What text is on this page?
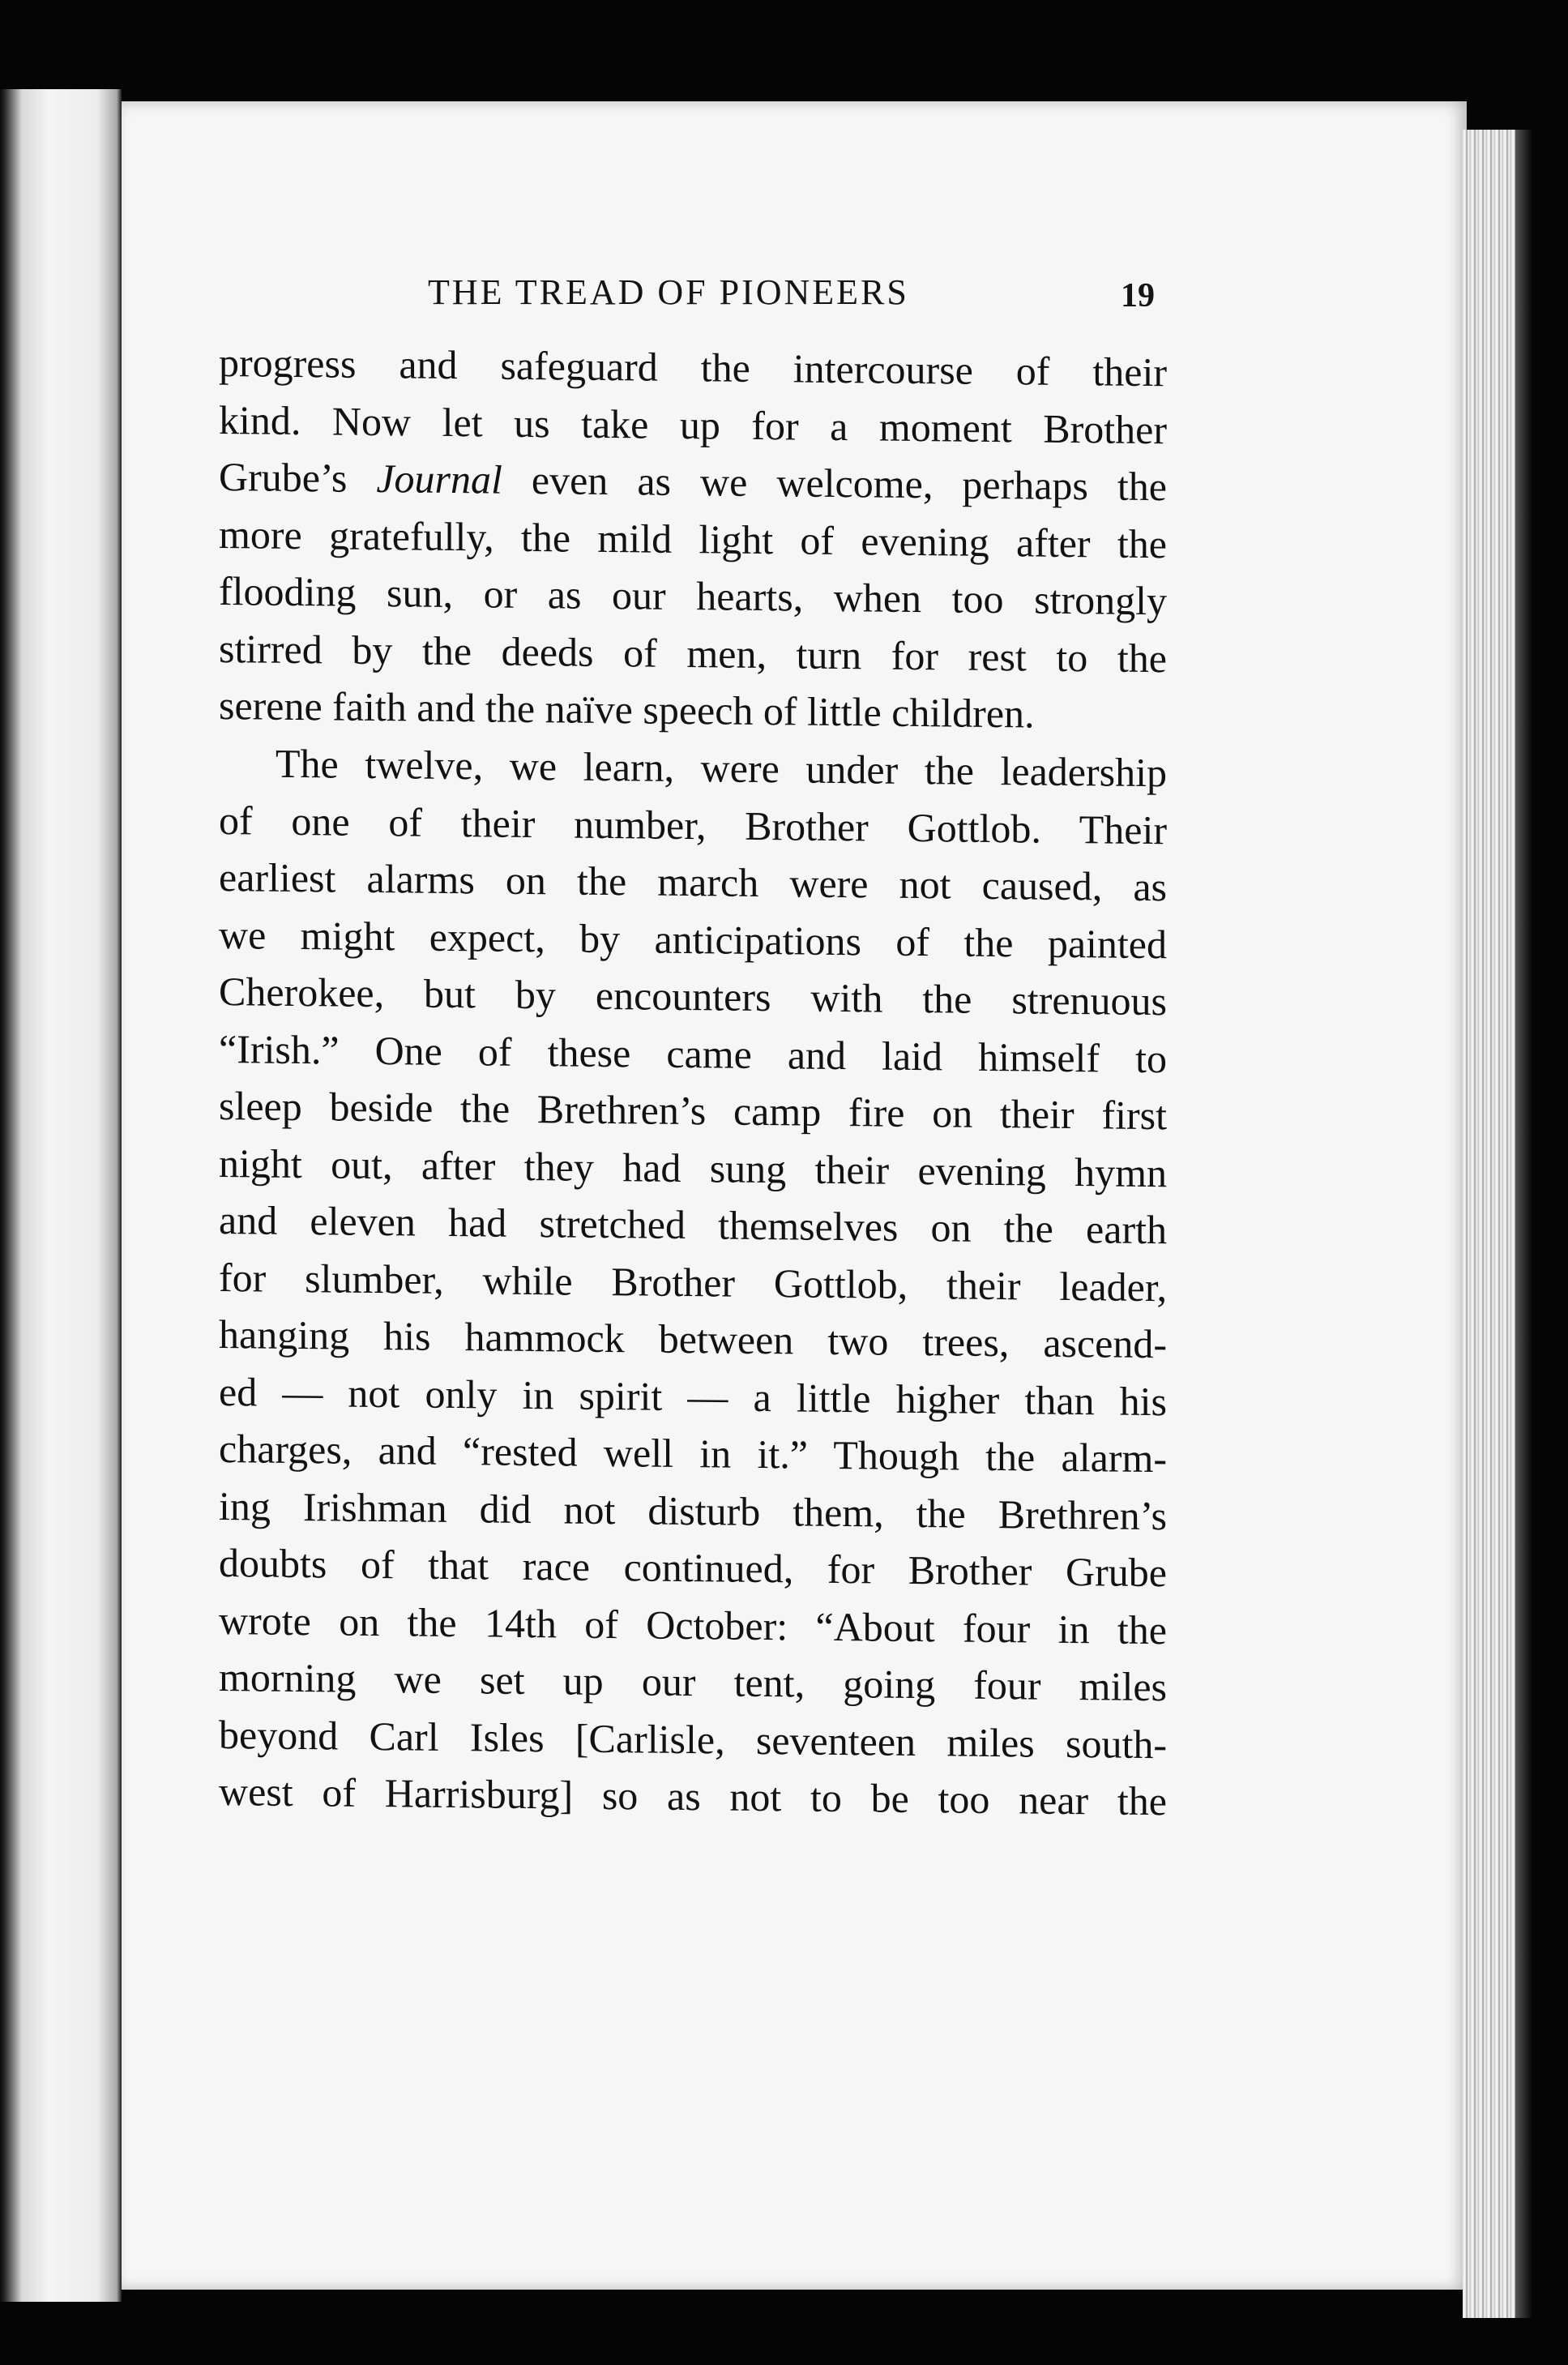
THE TREAD OF PIONEERS	19
progress and safeguard the intercourse of their
kind. Now let us take up for a moment Brother
Grube’s Journal even as we welcome, perhaps the
more gratefully, the mild light of evening after the
flooding sun, or as our hearts, when too strongly
stirred by the deeds of men, turn for rest to the
serene faith and the naïve speech of little children.
The twelve, we learn, were under the leadership
of one of their number, Brother Gottlob. Their
earliest alarms on the march were not caused, as
we might expect, by anticipations of the painted
Cherokee, but by encounters with the strenuous
“Irish.” One of these came and laid himself to
sleep beside the Brethren’s camp fire on their first
night out, after they had sung their evening hymn
and eleven had stretched themselves on the earth
for slumber, while Brother Gottlob, their leader,
hanging his hammock between two trees, ascend-
ed — not only in spirit — a little higher than his
charges, and “rested well in it.” Though the alarm-
ing Irishman did not disturb them, the Brethren’s
doubts of that race continued, for Brother Grube
wrote on the 14th of October: “About four in the
morning we set up our tent, going four miles
beyond Carl Isles [Carlisle, seventeen miles south-
west of Harrisburg] so as not to be too near the
